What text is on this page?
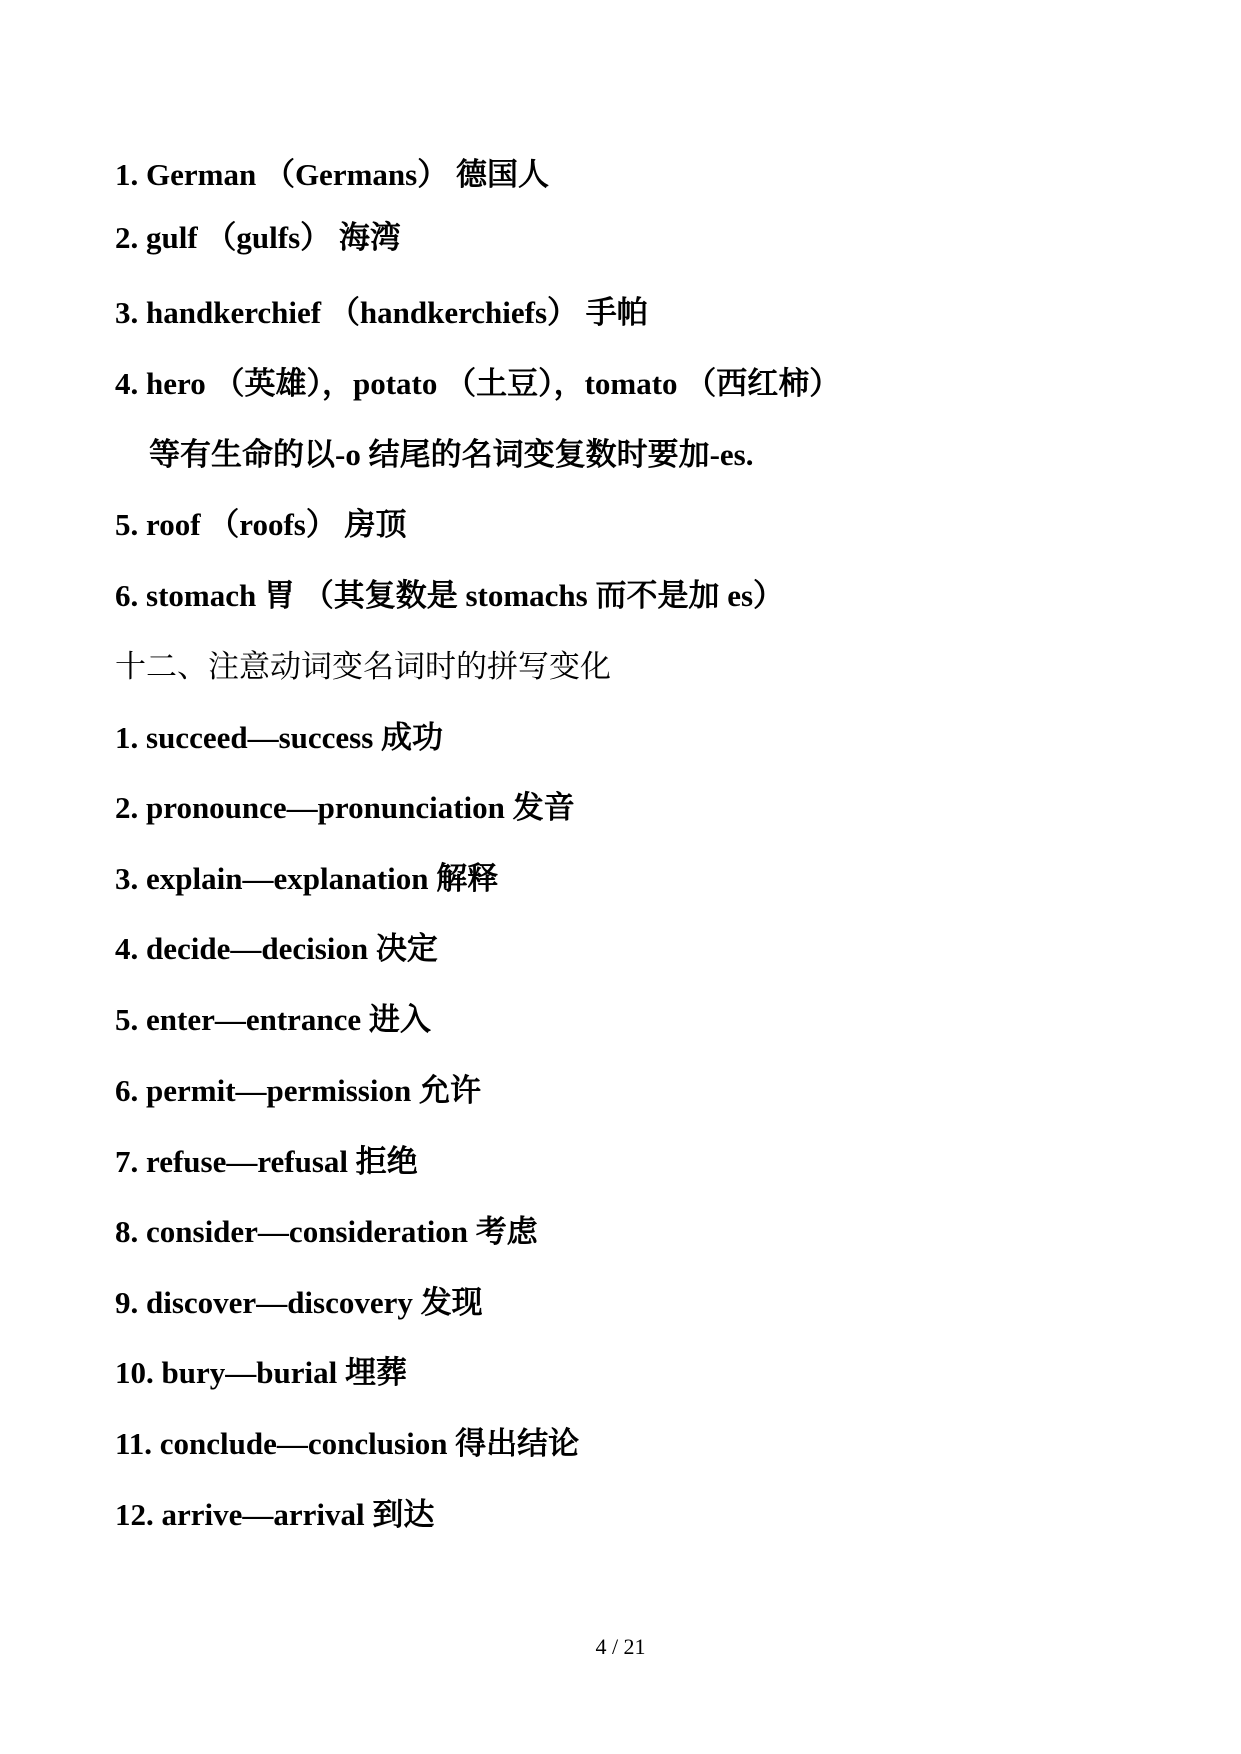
1. German （Germans） 德国人
2. gulf （gulfs） 海湾
3. handkerchief （handkerchiefs） 手帕
4. hero （英雄），potato （土豆），tomato （西红柿）
等有生命的以-o 结尾的名词变复数时要加-es.
5. roof （roofs） 房顶
6. stomach 胃 （其复数是 stomachs 而不是加 es）
十二、注意动词变名词时的拼写变化
1. succeed—success 成功
2. pronounce—pronunciation 发音
3. explain—explanation 解释
4. decide—decision 决定
5. enter—entrance 进入
6. permit—permission 允许
7. refuse—refusal 拒绝
8. consider—consideration 考虑
9. discover—discovery 发现
10. bury—burial 埋葬
11. conclude—conclusion 得出结论
12. arrive—arrival 到达
4 / 21
